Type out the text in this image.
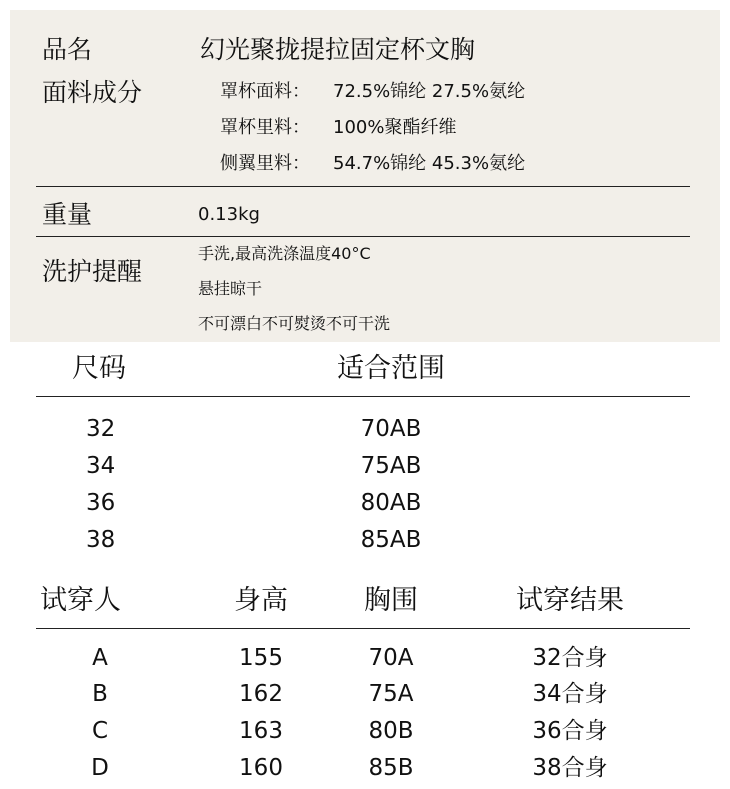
品名	幻光聚拢提拉固定杯文胸
面料成分	罩杯面料： 72.5%锦纶 27.5%氨纶
罩杯里料： 100%聚酯纤维
侧翼里料： 54.7%锦纶 45.3%氨纶
重量	0.13kg
洗护提醒
手洗,最高洗涤温度40°C
悬挂晾干
不可漂白不可熨烫不可干洗
尺码	适合范围
32	70AB
34	75AB
36	80AB
38	85AB
试穿人	身高	胸围	试穿结果
A	155	70A	32合身
B	162	75A	34合身
C	163	80B	36合身
D	160	85B	38合身
